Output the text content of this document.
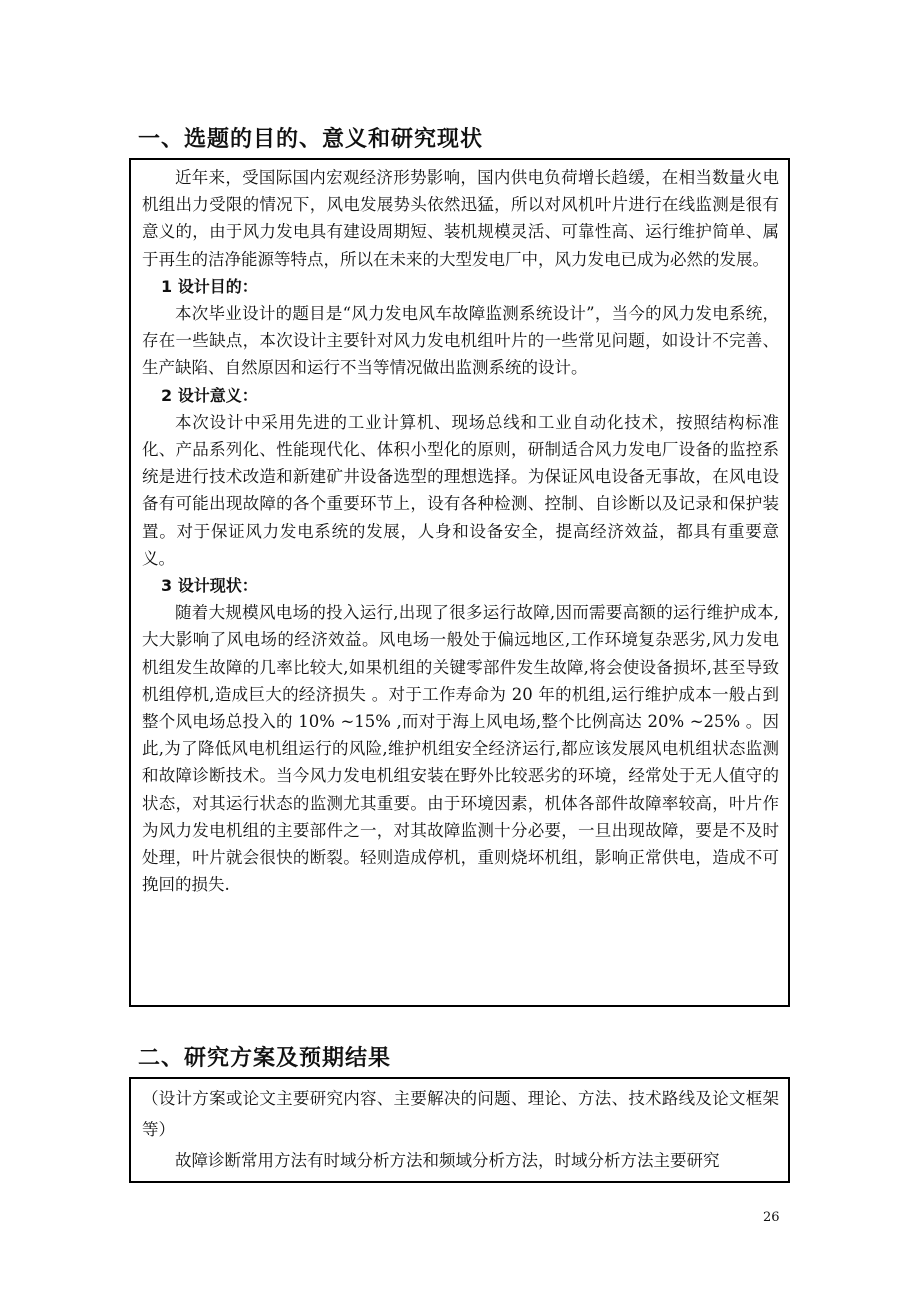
一、选题的目的、意义和研究现状

近年来，受国际国内宏观经济形势影响，国内供电负荷增长趋缓，在相当数量火电机组出力受限的情况下，风电发展势头依然迅猛，所以对风机叶片进行在线监测是很有意义的，由于风力发电具有建设周期短、装机规模灵活、可靠性高、运行维护简单、属于再生的洁净能源等特点，所以在未来的大型发电厂中，风力发电已成为必然的发展。

1 设计目的：

本次毕业设计的题目是“风力发电风车故障监测系统设计”，当今的风力发电系统，存在一些缺点，本次设计主要针对风力发电机组叶片的一些常见问题，如设计不完善、生产缺陷、自然原因和运行不当等情况做出监测系统的设计。

2 设计意义：

本次设计中采用先进的工业计算机、现场总线和工业自动化技术，按照结构标准化、产品系列化、性能现代化、体积小型化的原则，研制适合风力发电厂设备的监控系统是进行技术改造和新建矿井设备选型的理想选择。为保证风电设备无事故，在风电设备有可能出现故障的各个重要环节上，设有各种检测、控制、自诊断以及记录和保护装置。对于保证风力发电系统的发展，人身和设备安全，提高经济效益，都具有重要意义。

3 设计现状：

随着大规模风电场的投入运行,出现了很多运行故障,因而需要高额的运行维护成本,大大影响了风电场的经济效益。风电场一般处于偏远地区,工作环境复杂恶劣,风力发电机组发生故障的几率比较大,如果机组的关键零部件发生故障,将会使设备损坏,甚至导致机组停机,造成巨大的经济损失 。对于工作寿命为 20 年的机组,运行维护成本一般占到整个风电场总投入的 10% ~15% ,而对于海上风电场,整个比例高达 20% ~25% 。因此,为了降低风电机组运行的风险,维护机组安全经济运行,都应该发展风电机组状态监测和故障诊断技术。当今风力发电机组安装在野外比较恶劣的环境，经常处于无人值守的状态，对其运行状态的监测尤其重要。由于环境因素，机体各部件故障率较高，叶片作为风力发电机组的主要部件之一，对其故障监测十分必要，一旦出现故障，要是不及时处理，叶片就会很快的断裂。轻则造成停机，重则烧坏机组，影响正常供电，造成不可挽回的损失.

二、研究方案及预期结果

（设计方案或论文主要研究内容、主要解决的问题、理论、方法、技术路线及论文框架等）

故障诊断常用方法有时域分析方法和频域分析方法，时域分析方法主要研究

26
